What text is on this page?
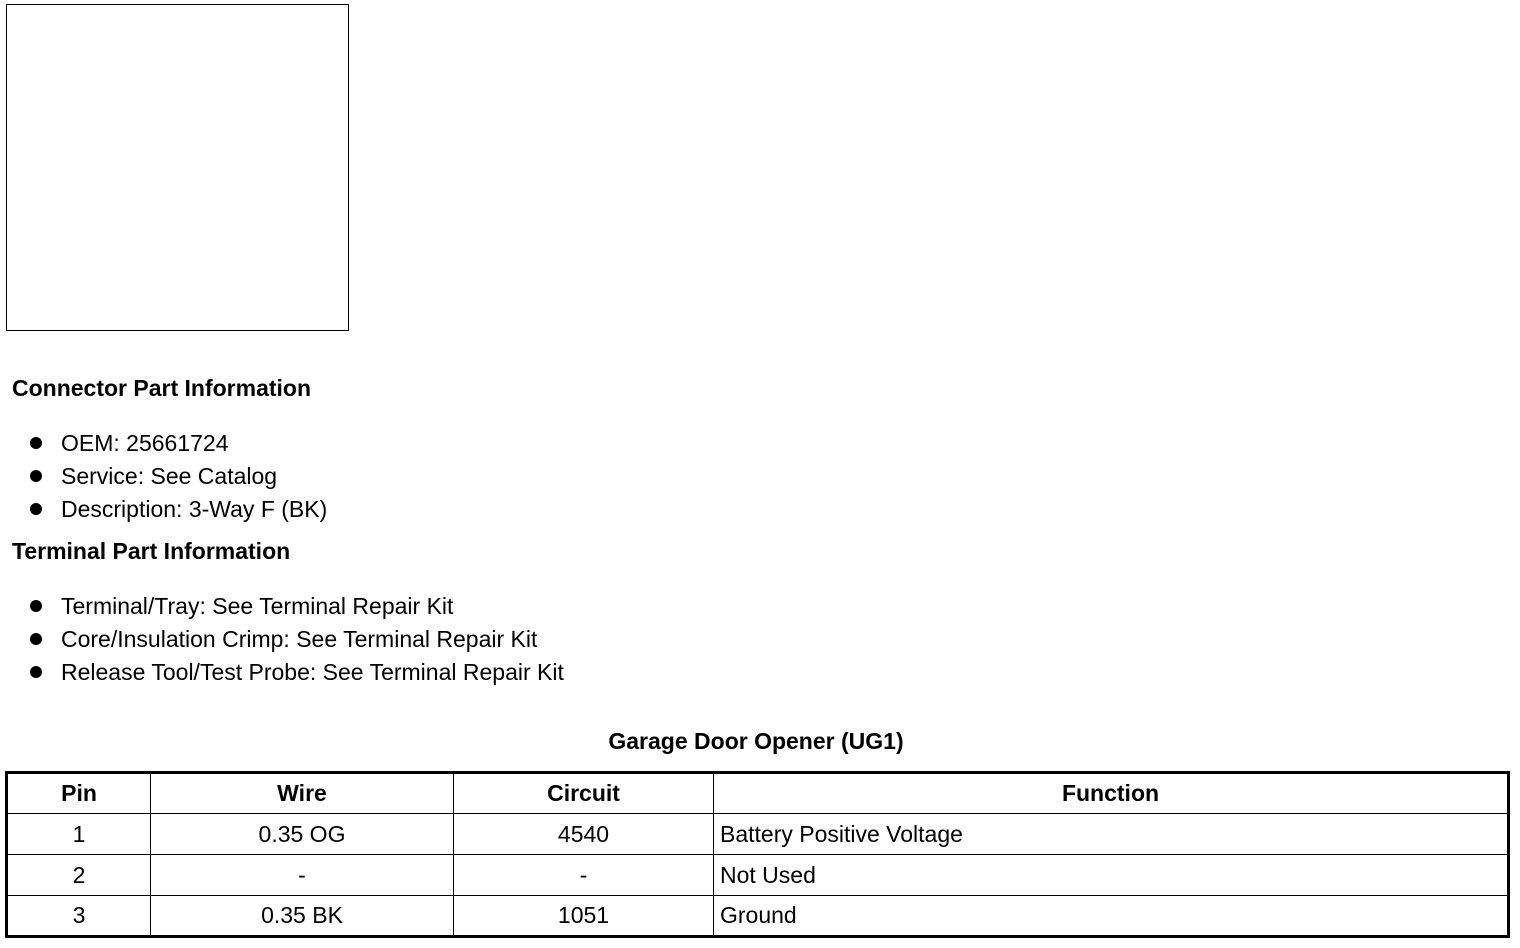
Connector Part Information
OEM: 25661724
Service: See Catalog
Description: 3-Way F (BK)
Terminal Part Information
Terminal/Tray: See Terminal Repair Kit
Core/Insulation Crimp: See Terminal Repair Kit
Release Tool/Test Probe: See Terminal Repair Kit
Garage Door Opener (UG1)
Pin	Wire	Circuit	Function
1	0.35 OG	4540	Battery Positive Voltage
2	-	-	Not Used
3	0.35 BK	1051	Ground
